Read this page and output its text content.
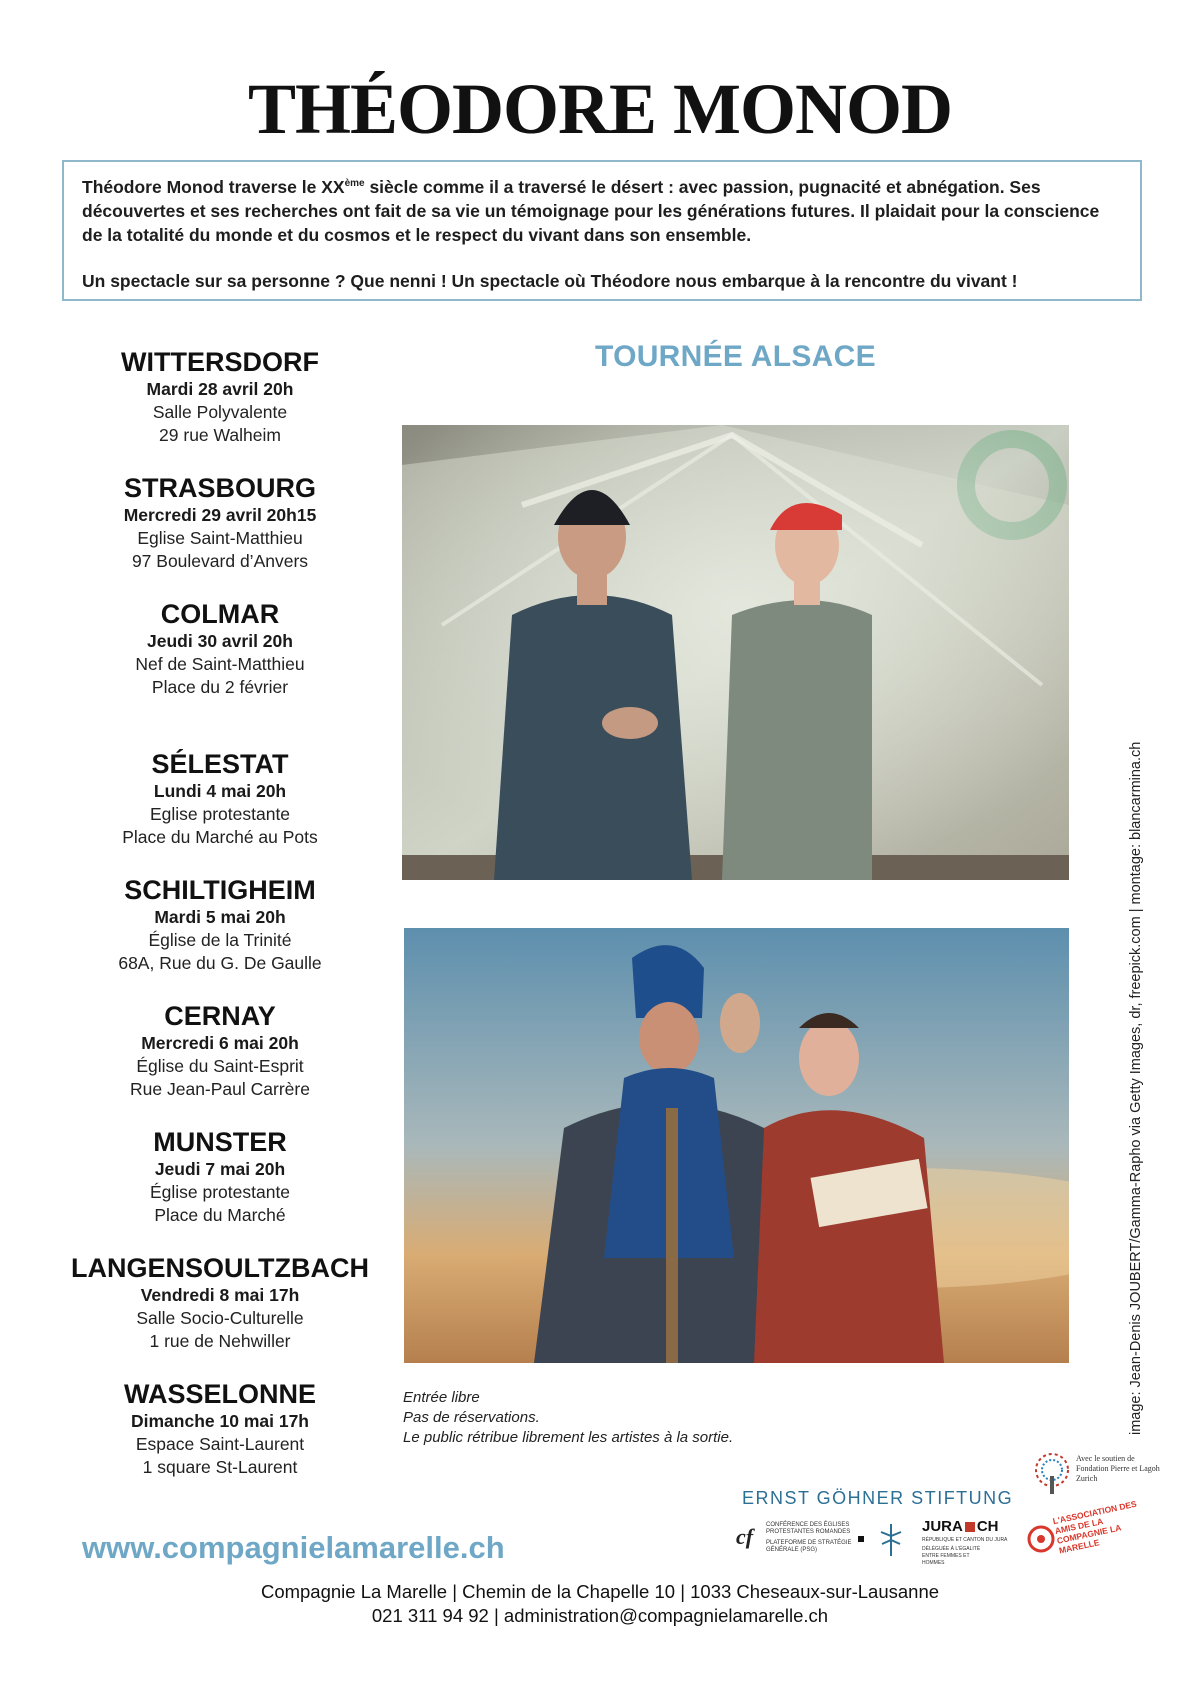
THÉODORE MONOD

Théodore Monod traverse le XXème siècle comme il a traversé le désert : avec passion, pugnacité et abnégation. Ses découvertes et ses recherches ont fait de sa vie un témoignage pour les générations futures. Il plaidait pour la conscience de la totalité du monde et du cosmos et le respect du vivant dans son ensemble.

Un spectacle sur sa personne ? Que nenni ! Un spectacle où Théodore nous embarque à la rencontre du vivant !

TOURNÉE ALSACE
WITTERSDORF
Mardi 28 avril 20h
Salle Polyvalente
29 rue Walheim
STRASBOURG
Mercredi 29 avril 20h15
Eglise Saint-Matthieu
97 Boulevard d’Anvers
COLMAR
Jeudi 30 avril 20h
Nef de Saint-Matthieu
Place du 2 février
SÉLESTAT
Lundi 4 mai 20h
Eglise protestante
Place du Marché au Pots
SCHILTIGHEIM
Mardi 5 mai 20h
Église de la Trinité
68A, Rue du G. De Gaulle
CERNAY
Mercredi 6 mai 20h
Église du Saint-Esprit
Rue Jean-Paul Carrère
MUNSTER
Jeudi 7 mai 20h
Église protestante
Place du Marché
LANGENSOULTZBACH
Vendredi 8 mai 17h
Salle Socio-Culturelle
1 rue de Nehwiller
WASSELONNE
Dimanche 10 mai 17h
Espace Saint-Laurent
1 square St-Laurent
image: Jean-Denis JOUBERT/Gamma-Rapho via Getty Images, dr, freepick.com | montage: blancarmina.ch
Entrée libre
Pas de réservations.
Le public rétribue librement les artistes à la sortie.
ERNST GÖHNER STIFTUNG
Avec le soutien de Fondation Pierre et Lagoh Zurich
cf CONFÉRENCE DES ÉGLISES PROTESTANTES ROMANDES
PLATEFORME DE STRATÉGIE GÉNÉRALE (PSG)
JURA CH
RÉPUBLIQUE ET CANTON DU JURA
DÉLÉGUÉE À L'ÉGALITÉ ENTRE FEMMES ET HOMMES
L'ASSOCIATION DES AMIS DE LA COMPAGNIE LA MARELLE
www.compagnielamarelle.ch
Compagnie La Marelle | Chemin de la Chapelle 10 | 1033 Cheseaux-sur-Lausanne
021 311 94 92 | administration@compagnielamarelle.ch
